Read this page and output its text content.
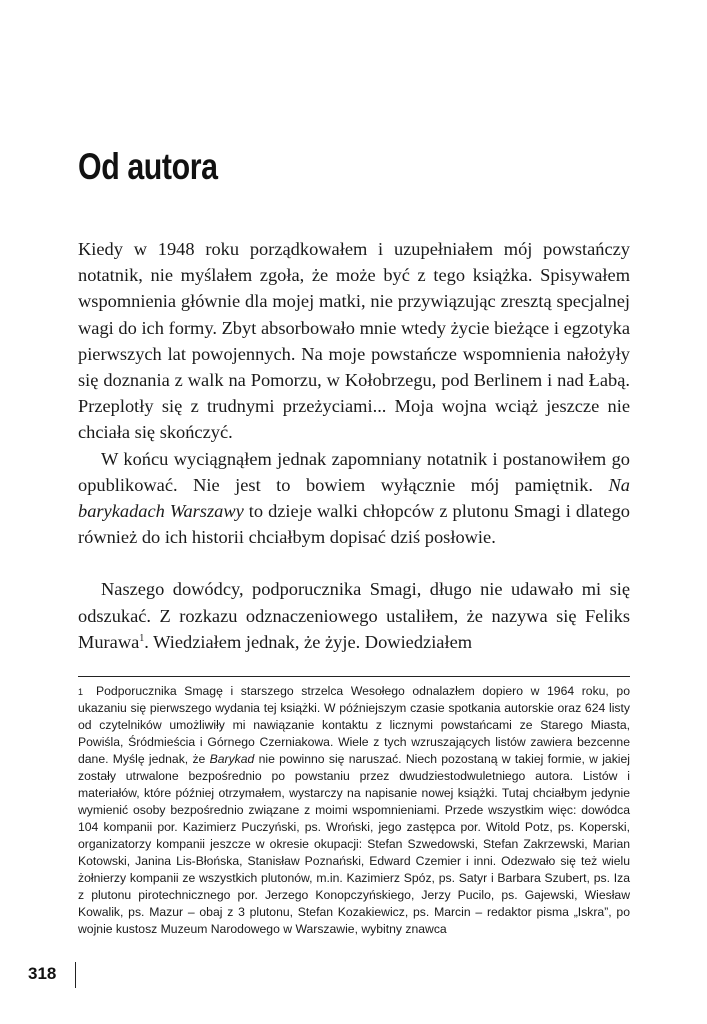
Od autora

Kiedy w 1948 roku porządkowałem i uzupełniałem mój powstańczy notatnik, nie myślałem zgoła, że może być z tego książka. Spisywałem wspomnienia głównie dla mojej matki, nie przywiązując zresztą specjalnej wagi do ich formy. Zbyt absorbowało mnie wtedy życie bieżące i egzotyka pierwszych lat powojennych. Na moje powstańcze wspomnienia nałożyły się doznania z walk na Pomorzu, w Kołobrzegu, pod Berlinem i nad Łabą. Przeplotły się z trudnymi przeżyciami... Moja wojna wciąż jeszcze nie chciała się skończyć.

W końcu wyciągnąłem jednak zapomniany notatnik i postanowiłem go opublikować. Nie jest to bowiem wyłącznie mój pamiętnik. Na barykadach Warszawy to dzieje walki chłopców z plutonu Smagi i dlatego również do ich historii chciałbym dopisać dziś posłowie.

Naszego dowódcy, podporucznika Smagi, długo nie udawało mi się odszukać. Z rozkazu odznaczeniowego ustaliłem, że nazywa się Feliks Murawa$^1$. Wiedziałem jednak, że żyje. Dowiedziałem

$^1$ Podporucznika Smagę i starszego strzelca Wesołego odnalazłem dopiero w 1964 roku, po ukazaniu się pierwszego wydania tej książki. W późniejszym czasie spotkania autorskie oraz 624 listy od czytelników umożliwiły mi nawiązanie kontaktu z licznymi powstańcami ze Starego Miasta, Powiśla, Śródmieścia i Górnego Czerniakowa. Wiele z tych wzruszających listów zawiera bezcenne dane. Myślę jednak, że Barykad nie powinno się naruszać. Niech pozostaną w takiej formie, w jakiej zostały utrwalone bezpośrednio po powstaniu przez dwudziestodwuletniego autora. Listów i materiałów, które później otrzymałem, wystarczy na napisanie nowej książki. Tutaj chciałbym jedynie wymienić osoby bezpośrednio związane z moimi wspomnieniami. Przede wszystkim więc: dowódca 104 kompanii por. Kazimierz Puczyński, ps. Wroński, jego zastępca por. Witold Potz, ps. Koperski, organizatorzy kompanii jeszcze w okresie okupacji: Stefan Szwedowski, Stefan Zakrzewski, Marian Kotowski, Janina Lis-Błońska, Stanisław Poznański, Edward Czemier i inni. Odezwało się też wielu żołnierzy kompanii ze wszystkich plutonów, m.in. Kazimierz Spóz, ps. Satyr i Barbara Szubert, ps. Iza z plutonu pirotechnicznego por. Jerzego Konopczyńskiego, Jerzy Pucilo, ps. Gajewski, Wiesław Kowalik, ps. Mazur – obaj z 3 plutonu, Stefan Kozakiewicz, ps. Marcin – redaktor pisma „Iskra”, po wojnie kustosz Muzeum Narodowego w Warszawie, wybitny znawca
318
